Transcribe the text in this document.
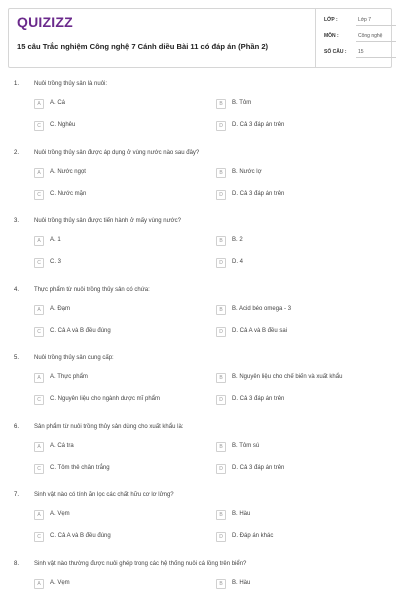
QUIZIZZ
15 câu Trắc nghiệm Công nghệ 7 Cánh diều Bài 11 có đáp án (Phần 2)
LỚP :	Lớp 7
MÔN :	Công nghệ
SỐ CÂU : 15
1. Nuôi trồng thủy sản là nuôi:
A	A. Cá	B	B. Tôm
C	C. Nghêu	D	D. Cả 3 đáp án trên
2. Nuôi trồng thủy sản được áp dụng ở vùng nước nào sau đây?
A	A. Nước ngọt	B	B. Nước lợ
C	C. Nước mặn	D	D. Cả 3 đáp án trên
3. Nuôi trồng thủy sản được tiến hành ở mấy vùng nước?
A	A. 1	B	B. 2
C	C. 3	D	D. 4
4. Thực phẩm từ nuôi trồng thủy sản có chứa:
A	A. Đạm	B	B. Acid béo omega - 3
C	C. Cả A và B đều đúng	D	D. Cả A và B đều sai
5. Nuôi trồng thủy sản cung cấp:
A	A. Thực phẩm	B	B. Nguyên liệu cho chế biến và xuất khẩu
C	C. Nguyên liệu cho ngành dược mĩ phẩm	D	D. Cả 3 đáp án trên
6. Sản phẩm từ nuôi trồng thủy sản dùng cho xuất khẩu là:
A	A. Cá tra	B	B. Tôm sú
C	C. Tôm thẻ chân trắng	D	D. Cả 3 đáp án trên
7. Sinh vật nào có tính ăn lọc các chất hữu cơ lơ lửng?
A	A. Vẹm	B	B. Hàu
C	C. Cả A và B đều đúng	D	D. Đáp án khác
8. Sinh vật nào thường được nuôi ghép trong các hệ thống nuôi cá lồng trên biển?
A	A. Vẹm	B	B. Hàu
